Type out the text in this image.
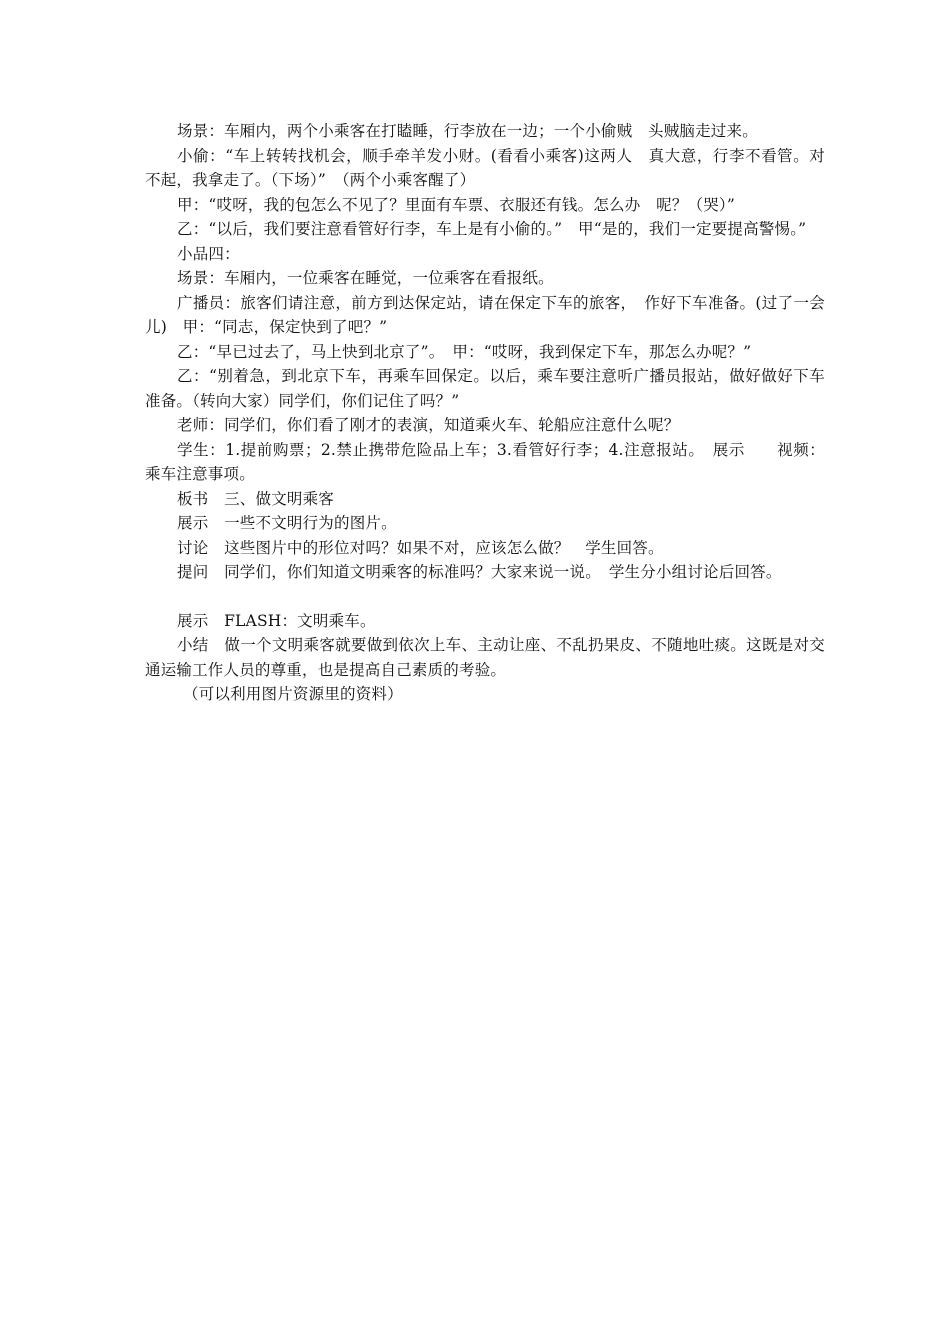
场景：车厢内，两个小乘客在打瞌睡，行李放在一边；一个小偷贼　头贼脑走过来。

小偷：“车上转转找机会，顺手牵羊发小财。(看看小乘客)这两人　真大意，行李不看管。对不起，我拿走了。（下场）”　（两个小乘客醒了）

甲：“哎呀，我的包怎么不见了？里面有车票、衣服还有钱。怎么办　呢？（哭）”

乙：“以后，我们要注意看管好行李，车上是有小偷的。”　甲“是的，我们一定要提高警惕。”

小品四：

场景：车厢内，一位乘客在睡觉，一位乘客在看报纸。

广播员：旅客们请注意，前方到达保定站，请在保定下车的旅客，　作好下车准备。(过了一会儿)　甲：“同志，保定快到了吧？”

乙：“早已过去了，马上快到北京了”。　甲：“哎呀，我到保定下车，那怎么办呢？”

乙：“别着急，到北京下车，再乘车回保定。以后，乘车要注意听广播员报站，做好做好下车准备。（转向大家）同学们，你们记住了吗？”

老师：同学们，你们看了刚才的表演，知道乘火车、轮船应注意什么呢？

学生：1.提前购票；2.禁止携带危险品上车；3.看管好行李；4.注意报站。　展示　　视频：乘车注意事项。

板书　三、做文明乘客

展示　一些不文明行为的图片。

讨论　这些图片中的形位对吗？如果不对，应该怎么做？　学生回答。

提问　同学们，你们知道文明乘客的标准吗？大家来说一说。　学生分小组讨论后回答。

展示　FLASH：文明乘车。

小结　做一个文明乘客就要做到依次上车、主动让座、不乱扔果皮、不随地吐痰。这既是对交通运输工作人员的尊重，也是提高自己素质的考验。

（可以利用图片资源里的资料）
